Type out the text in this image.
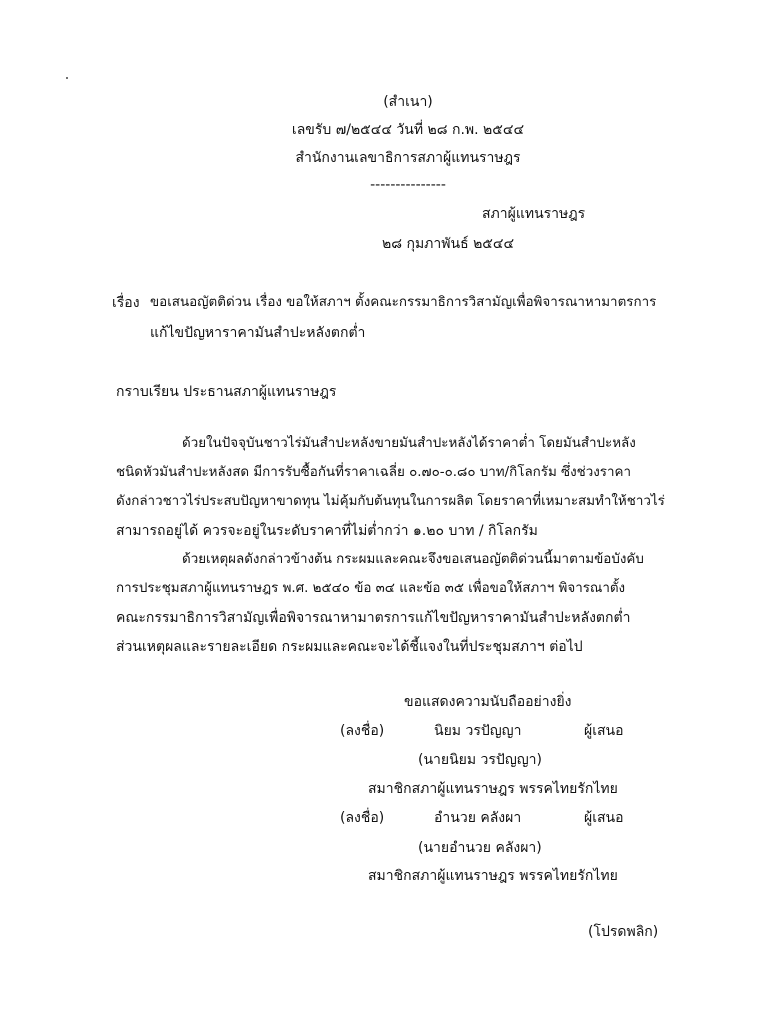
(สำเนา)
เลขรับ ๗/๒๕๔๔ วันที่ ๒๘ ก.พ. ๒๕๔๔
สำนักงานเลขาธิการสภาผู้แทนราษฎร
---------------
สภาผู้แทนราษฎร
๒๘ กุมภาพันธ์ ๒๕๔๔
เรื่อง ขอเสนอญัตติด่วน เรื่อง ขอให้สภาฯ ตั้งคณะกรรมาธิการวิสามัญเพื่อพิจารณาหามาตรการ
แก้ไขปัญหาราคามันสำปะหลังตกต่ำ
กราบเรียน ประธานสภาผู้แทนราษฎร
ด้วยในปัจจุบันชาวไร่มันสำปะหลังขายมันสำปะหลังได้ราคาต่ำ โดยมันสำปะหลัง
ชนิดหัวมันสำปะหลังสด มีการรับซื้อกันที่ราคาเฉลี่ย ๐.๗๐-๐.๘๐ บาท/กิโลกรัม ซึ่งช่วงราคา
ดังกล่าวชาวไร่ประสบปัญหาขาดทุน ไม่คุ้มกับต้นทุนในการผลิต โดยราคาที่เหมาะสมทำให้ชาวไร่
สามารถอยู่ได้ ควรจะอยู่ในระดับราคาที่ไม่ต่ำกว่า ๑.๒๐ บาท / กิโลกรัม
ด้วยเหตุผลดังกล่าวข้างต้น กระผมและคณะจึงขอเสนอญัตติด่วนนี้มาตามข้อบังคับ
การประชุมสภาผู้แทนราษฎร พ.ศ. ๒๕๔๐ ข้อ ๓๔ และข้อ ๓๕ เพื่อขอให้สภาฯ พิจารณาตั้ง
คณะกรรมาธิการวิสามัญเพื่อพิจารณาหามาตรการแก้ไขปัญหาราคามันสำปะหลังตกต่ำ
ส่วนเหตุผลและรายละเอียด กระผมและคณะจะได้ชี้แจงในที่ประชุมสภาฯ ต่อไป
ขอแสดงความนับถืออย่างยิ่ง
(ลงชื่อ)	นิยม วรปัญญา	ผู้เสนอ
(นายนิยม วรปัญญา)
สมาชิกสภาผู้แทนราษฎร พรรคไทยรักไทย
(ลงชื่อ)	อำนวย คลังผา	ผู้เสนอ
(นายอำนวย คลังผา)
สมาชิกสภาผู้แทนราษฎร พรรคไทยรักไทย
(โปรดพลิก)
